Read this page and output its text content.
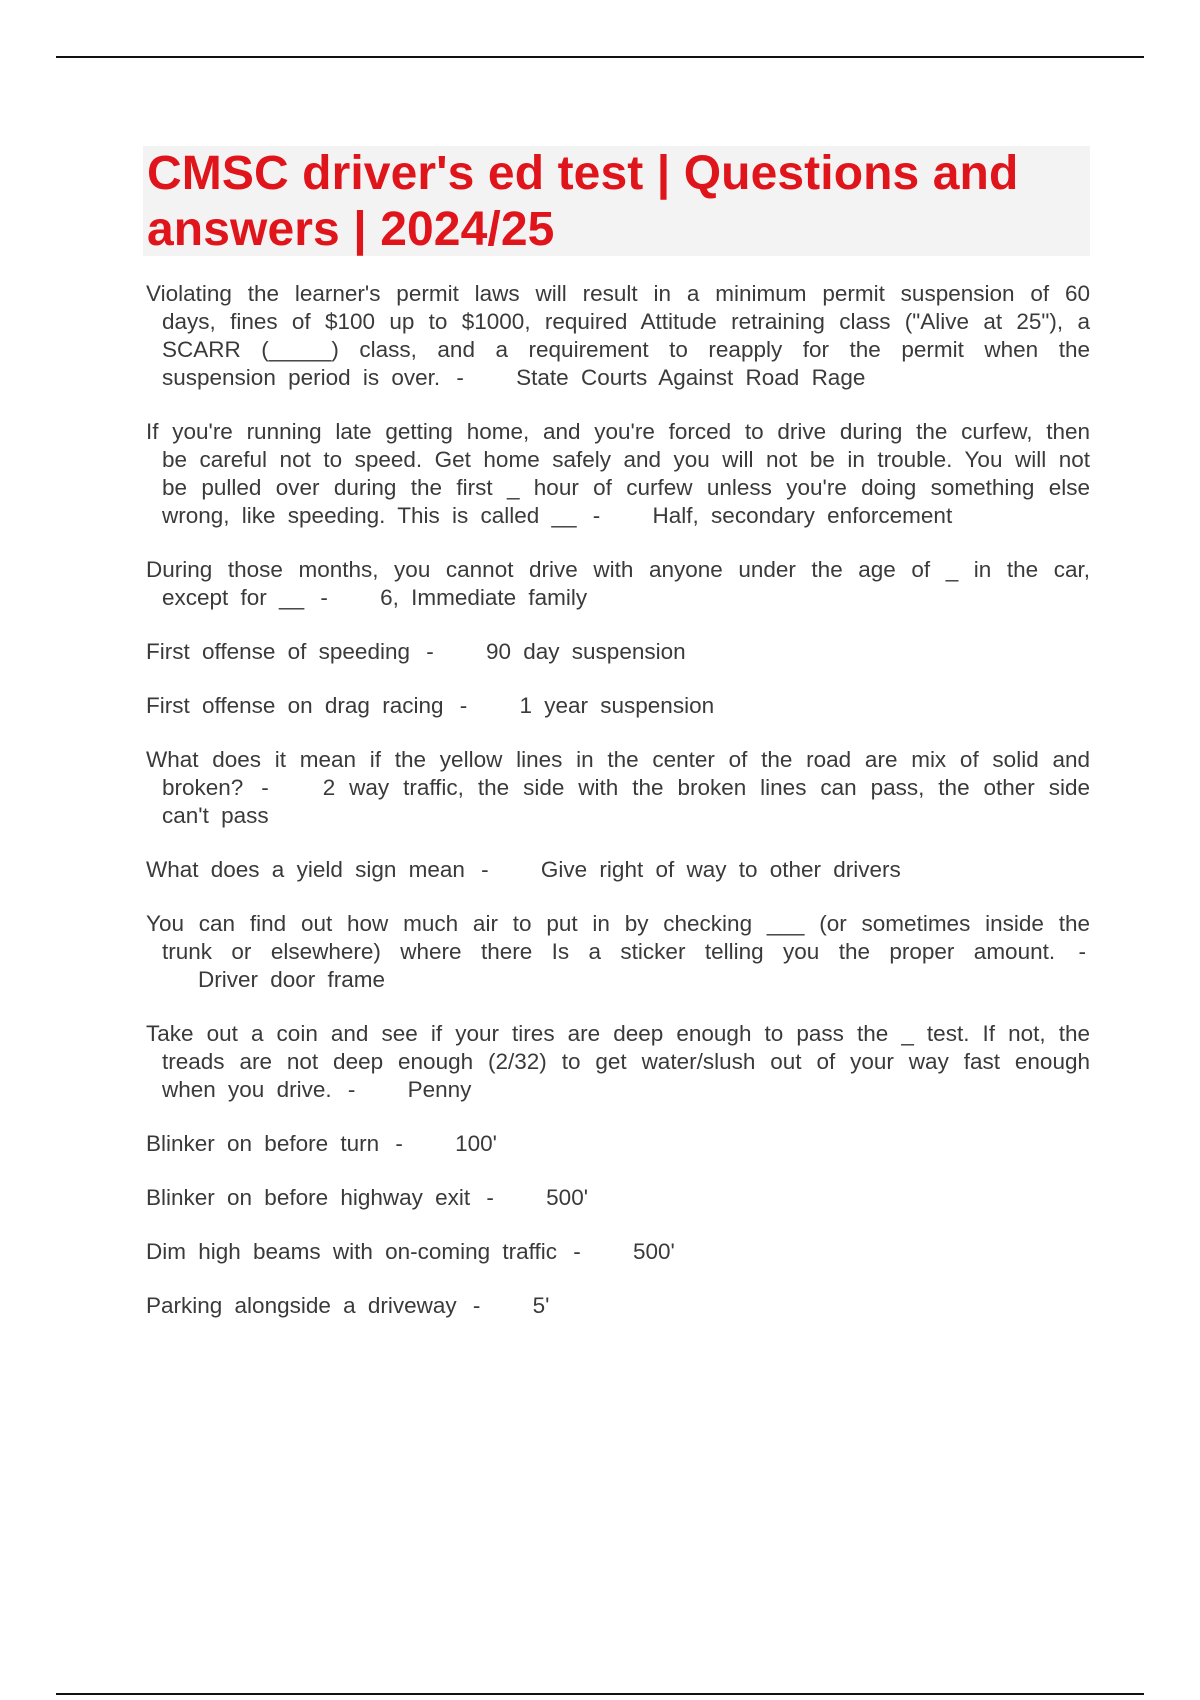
CMSC driver's ed test | Questions and answers | 2024/25

Violating the learner's permit laws will result in a minimum permit suspension of 60 days, fines of $100 up to $1000, required Attitude retraining class ("Alive at 25"), a SCARR (_____) class, and a requirement to reapply for the permit when the suspension period is over. - State Courts Against Road Rage

If you're running late getting home, and you're forced to drive during the curfew, then be careful not to speed. Get home safely and you will not be in trouble. You will not be pulled over during the first _ hour of curfew unless you're doing something else wrong, like speeding. This is called __ - Half, secondary enforcement

During those months, you cannot drive with anyone under the age of _ in the car, except for __ - 6, Immediate family

First offense of speeding - 90 day suspension

First offense on drag racing - 1 year suspension

What does it mean if the yellow lines in the center of the road are mix of solid and broken? - 2 way traffic, the side with the broken lines can pass, the other side can't pass

What does a yield sign mean - Give right of way to other drivers

You can find out how much air to put in by checking ___ (or sometimes inside the trunk or elsewhere) where there Is a sticker telling you the proper amount. - Driver door frame

Take out a coin and see if your tires are deep enough to pass the _ test. If not, the treads are not deep enough (2/32) to get water/slush out of your way fast enough when you drive. - Penny

Blinker on before turn - 100'

Blinker on before highway exit - 500'

Dim high beams with on-coming traffic - 500'

Parking alongside a driveway - 5'
